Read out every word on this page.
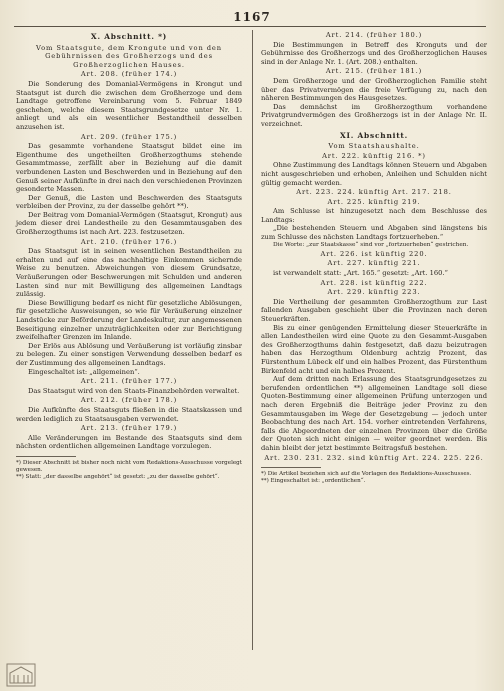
1167
X. Abschnitt. *)
Vom Staatsgute, dem Krongute und von den Gebührnissen des Großherzogs und des Großherzoglichen Hauses.
Art. 208. (früher 174.)

Die Sonderung des Domanial-Vermögens in Krongut und Staatsgut ist durch die zwischen dem Großherzoge und dem Landtage getroffene Vereinbarung vom 5. Februar 1849 geschehen, welche diesem Staatsgrundgesetze unter Nr. 1. anliegt und als ein wesentlicher Bestandtheil desselben anzusehen ist.

Art. 209. (früher 175.)

Das gesammte vorhandene Staatsgut bildet eine im Eigenthume des ungetheilten Großherzogthums stehende Gesammtmasse, zerfällt aber in Beziehung auf die damit verbundenen Lasten und Beschwerden und in Beziehung auf den Genuß seiner Aufkünfte in drei nach den verschiedenen Provinzen gesonderte Massen.

Der Genuß, die Lasten und Beschwerden des Staatsguts verbleiben der Provinz, zu der dasselbe gehört **).

Der Beitrag vom Domanial-Vermögen (Staatsgut, Krongut) aus jedem dieser drei Landestheile zu den Gesammtausgaben des Großherzogthums ist nach Art. 223. festzusetzen.

Art. 210. (früher 176.)

Das Staatsgut ist in seinen wesentlichen Bestandtheilen zu erhalten und auf eine das nachhaltige Einkommen sichernde Weise zu benutzen. Abweichungen von diesem Grundsatze, Veräußerungen oder Beschwerungen mit Schulden und anderen Lasten sind nur mit Bewilligung des allgemeinen Landtags zulässig.

Diese Bewilligung bedarf es nicht für gesetzliche Ablösungen, für gesetzliche Ausweisungen, so wie für Veräußerung einzelner Landstücke zur Beförderung der Landeskultur, zur angemessenen Beseitigung einzelner unzuträglichkeiten oder zur Berichtigung zweifelhafter Grenzen im Inlande.

Der Erlös aus Ablösung und Veräußerung ist vorläufig zinsbar zu belegen. Zu einer sonstigen Verwendung desselben bedarf es der Zustimmung des allgemeinen Landtags.

Eingeschaltet ist: „allgemeinen“.

Art. 211. (früher 177.)

Das Staatsgut wird von den Staats-Finanzbehörden verwaltet.

Art. 212. (früher 178.)

Die Aufkünfte des Staatsguts fließen in die Staatskassen und werden lediglich zu Staatsausgaben verwendet.

Art. 213. (früher 179.)

Alle Veränderungen im Bestande des Staatsguts sind dem nächsten ordentlichen allgemeinen Landtage vorzulegen.

*) Dieser Abschnitt ist bisher noch nicht vom Redaktions-Ausschusse vorgelegt gewesen.

**) Statt: „der dasselbe angehört“ ist gesetzt: „zu der dasselbe gehört“.

Art. 214. (früher 180.)

Die Bestimmungen in Betreff des Kronguts und der Gebührnisse des Großherzogs und des Großherzoglichen Hauses sind in der Anlage Nr. 1. (Art. 208.) enthalten.

Art. 215. (früher 181.)

Dem Großherzoge und der Großherzoglichen Familie steht über das Privatvermögen die freie Verfügung zu, nach den näheren Bestimmungen des Hausgesetzes.

Das demnächst im Großherzogthum vorhandene Privatgrundvermögen des Großherzogs ist in der Anlage Nr. II. verzeichnet.

XI. Abschnitt.
Vom Staatshaushalte.
Art. 222. künftig 216. *)

Ohne Zustimmung des Landtags können Steuern und Abgaben nicht ausgeschrieben und erhoben, Anleihen und Schulden nicht gültig gemacht werden.

Art. 223. 224. künftig Art. 217. 218.
Art. 225. künftig 219.

Am Schlusse ist hinzugesetzt nach dem Beschlusse des Landtags:

„Die bestehenden Steuern und Abgaben sind längstens bis zum Schlusse des nächsten Landtags fortzuerheben.“

Die Worte: „zur Staatskasse“ sind vor „fortzuerheben“ gestrichen.

Art. 226. ist künftig 220.
Art. 227. künftig 221.

ist verwandelt statt: „Art. 165.“ gesetzt: „Art. 160.“

Art. 228. ist künftig 222.
Art. 229. künftig 223.

Die Vertheilung der gesammten Großherzogthum zur Last fallenden Ausgaben geschieht über die Provinzen nach deren Steuerkräften.

Bis zu einer genügenden Ermittelung dieser Steuerkräfte in allen Landestheilen wird eine Quote zu den Gesammt-Ausgaben des Großherzogthums dahin festgesetzt, daß dazu beizutragen haben das Herzogthum Oldenburg achtzig Prozent, das Fürstenthum Lübeck elf und ein halbes Prozent, das Fürstenthum Birkenfeld acht und ein halbes Prozent.

Auf dem dritten nach Erlassung des Staatsgrundgesetzes zu berufenden ordentlichen **) allgemeinen Landtage soll diese Quoten-Bestimmung einer allgemeinen Prüfung unterzogen und nach deren Ergebniß die Beiträge jeder Provinz zu den Gesammtausgaben im Wege der Gesetzgebung — jedoch unter Beobachtung des nach Art. 154. vorher eintretenden Verfahrens, falls die Abgeordneten der einzelnen Provinzen über die Größe der Quoten sich nicht einigen — weiter geordnet werden. Bis dahin bleibt der jetzt bestimmte Beitragsfuß bestehen.

Art. 230. 231. 232. sind künftig Art. 224. 225. 226.

*) Die Artikel beziehen sich auf die Vorlagen des Redaktions-Ausschusses.

**) Eingeschaltet ist: „ordentlichen“.
